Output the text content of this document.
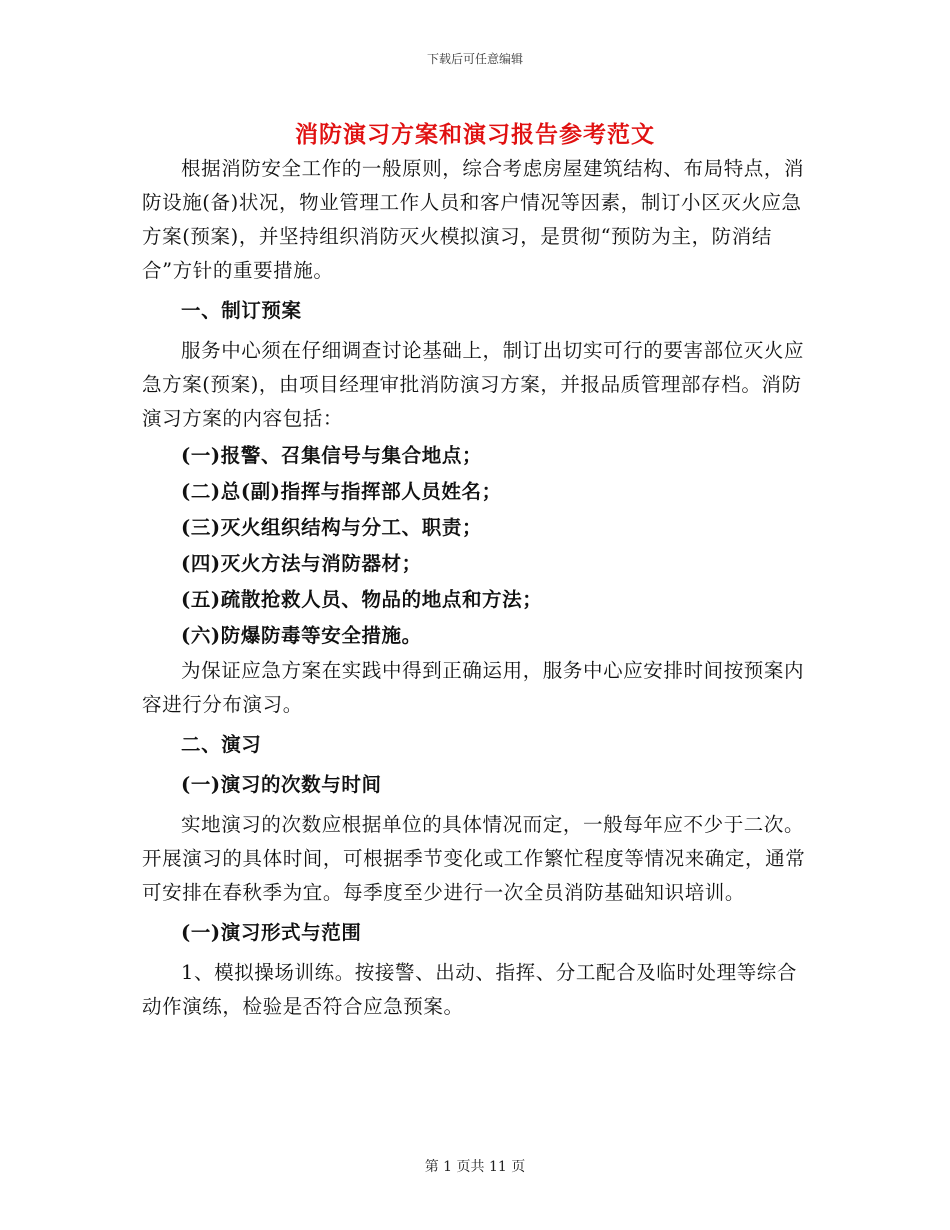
下载后可任意编辑
消防演习方案和演习报告参考范文

根据消防安全工作的一般原则，综合考虑房屋建筑结构、布局特点，消防设施(备)状况，物业管理工作人员和客户情况等因素，制订小区灭火应急方案(预案)，并坚持组织消防灭火模拟演习，是贯彻“预防为主，防消结合”方针的重要措施。

一、制订预案

服务中心须在仔细调查讨论基础上，制订出切实可行的要害部位灭火应急方案(预案)，由项目经理审批消防演习方案，并报品质管理部存档。消防演习方案的内容包括：

(一)报警、召集信号与集合地点；

(二)总(副)指挥与指挥部人员姓名；

(三)灭火组织结构与分工、职责；

(四)灭火方法与消防器材；

(五)疏散抢救人员、物品的地点和方法；

(六)防爆防毒等安全措施。

为保证应急方案在实践中得到正确运用，服务中心应安排时间按预案内容进行分布演习。

二、演习

(一)演习的次数与时间

实地演习的次数应根据单位的具体情况而定，一般每年应不少于二次。开展演习的具体时间，可根据季节变化或工作繁忙程度等情况来确定，通常可安排在春秋季为宜。每季度至少进行一次全员消防基础知识培训。

(一)演习形式与范围

1、模拟操场训练。按接警、出动、指挥、分工配合及临时处理等综合动作演练，检验是否符合应急预案。

第 1 页共 11 页
